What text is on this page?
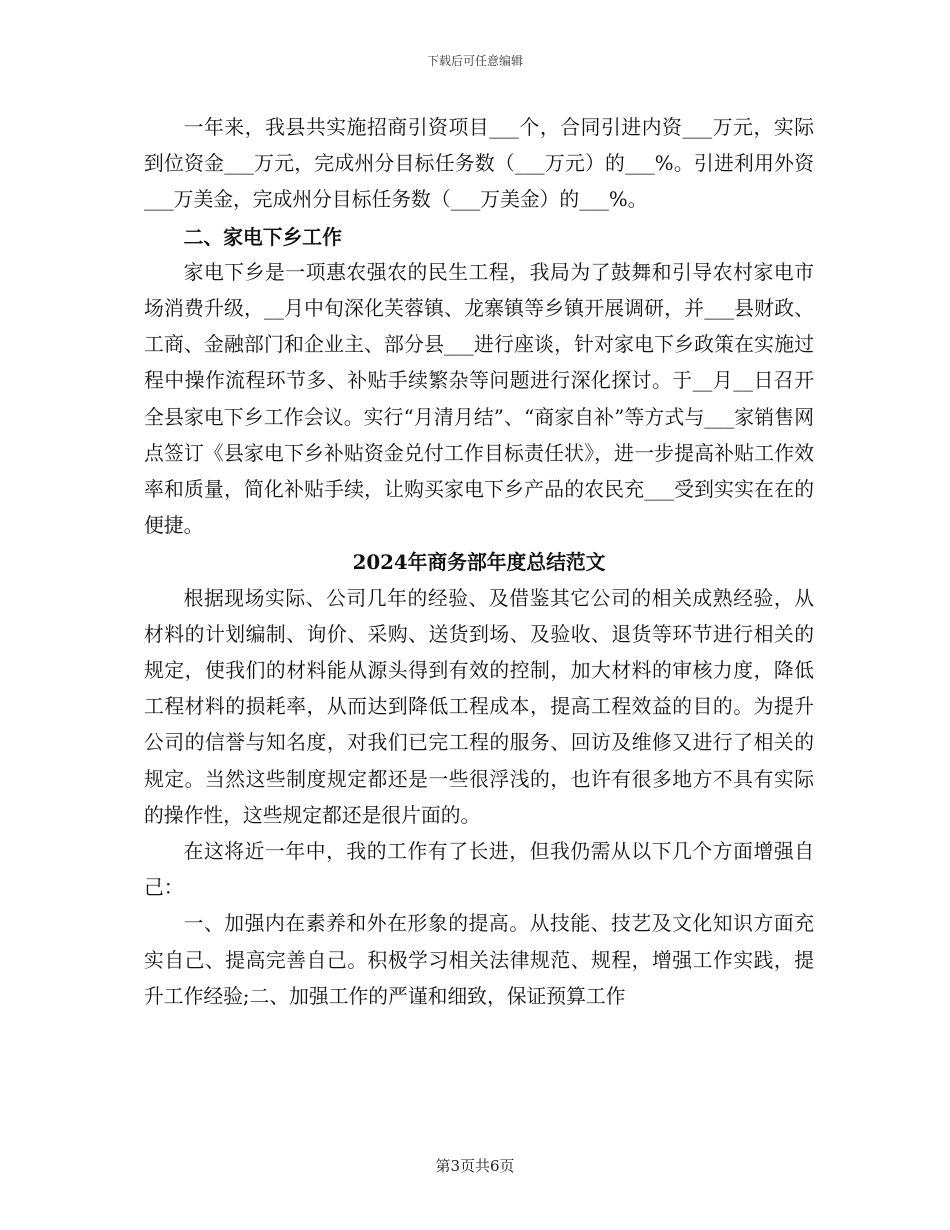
下载后可任意编辑

一年来，我县共实施招商引资项目___个，合同引进内资___万元，实际到位资金___万元，完成州分目标任务数（___万元）的___%。引进利用外资___万美金，完成州分目标任务数（___万美金）的___%。

二、家电下乡工作

家电下乡是一项惠农强农的民生工程，我局为了鼓舞和引导农村家电市场消费升级，__月中旬深化芙蓉镇、龙寨镇等乡镇开展调研，并___县财政、工商、金融部门和企业主、部分县___进行座谈，针对家电下乡政策在实施过程中操作流程环节多、补贴手续繁杂等问题进行深化探讨。于__月__日召开全县家电下乡工作会议。实行“月清月结”、“商家自补”等方式与___家销售网点签订《县家电下乡补贴资金兑付工作目标责任状》，进一步提高补贴工作效率和质量，简化补贴手续，让购买家电下乡产品的农民充___受到实实在在的便捷。

2024年商务部年度总结范文

根据现场实际、公司几年的经验、及借鉴其它公司的相关成熟经验，从材料的计划编制、询价、采购、送货到场、及验收、退货等环节进行相关的规定，使我们的材料能从源头得到有效的控制，加大材料的审核力度，降低工程材料的损耗率，从而达到降低工程成本，提高工程效益的目的。为提升公司的信誉与知名度，对我们已完工程的服务、回访及维修又进行了相关的规定。当然这些制度规定都还是一些很浮浅的，也许有很多地方不具有实际的操作性，这些规定都还是很片面的。

在这将近一年中，我的工作有了长进，但我仍需从以下几个方面增强自己：

一、加强内在素养和外在形象的提高。从技能、技艺及文化知识方面充实自己、提高完善自己。积极学习相关法律规范、规程，增强工作实践，提升工作经验;二、加强工作的严谨和细致，保证预算工作

第3页共6页
